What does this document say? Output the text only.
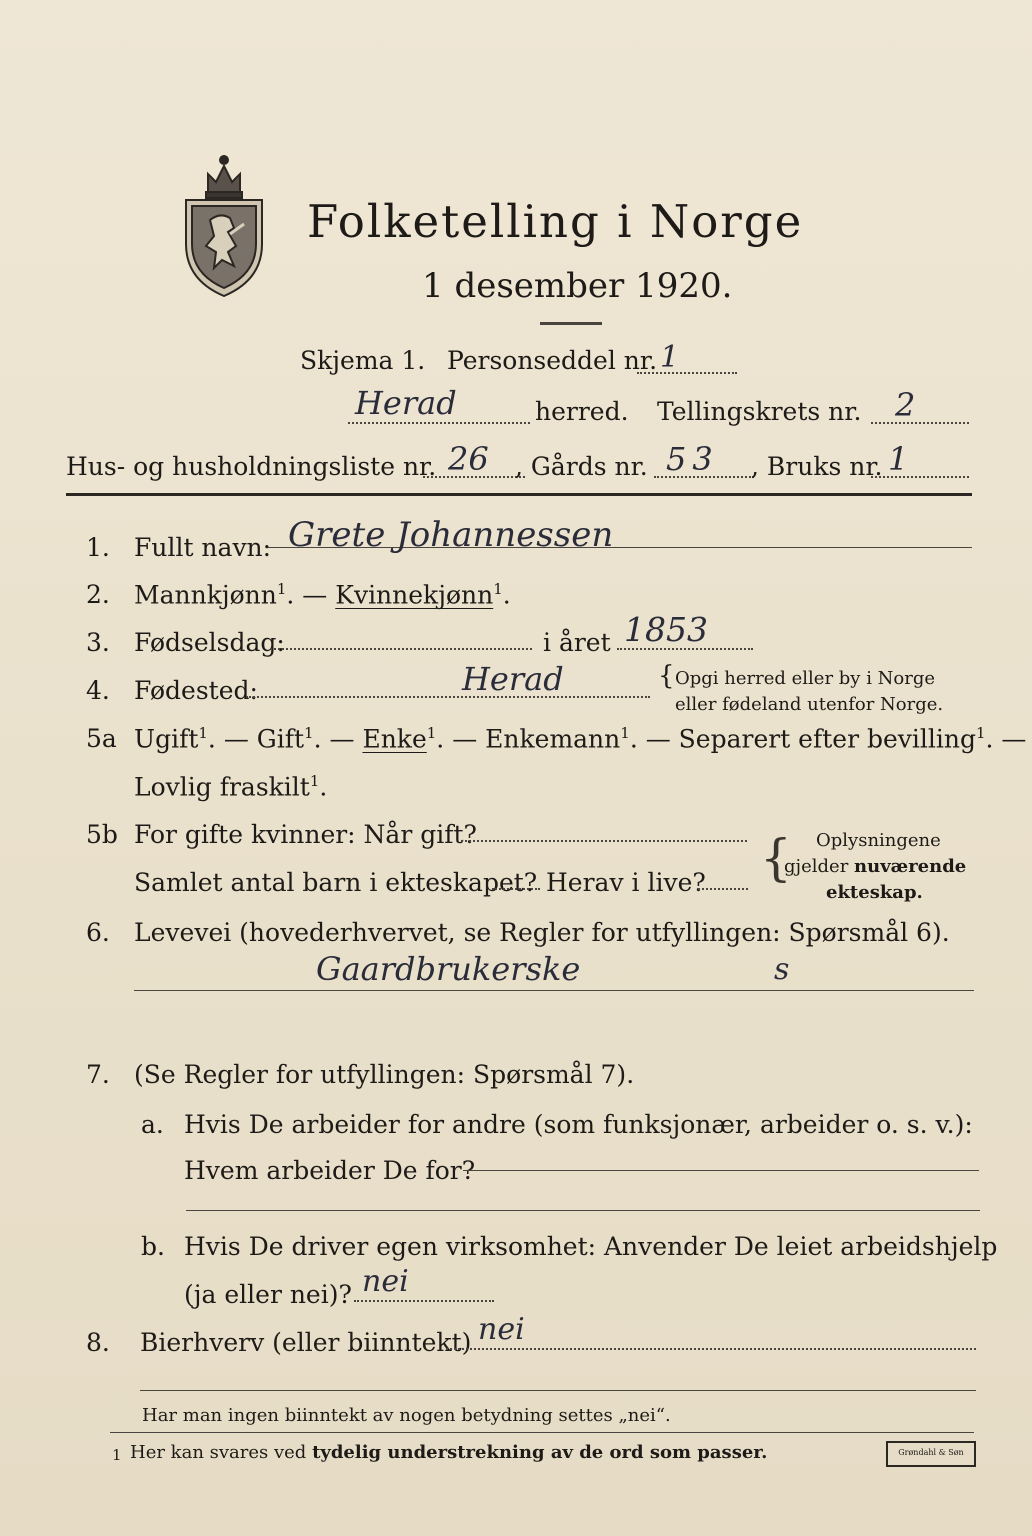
Folketelling i Norge
1 desember 1920.
Skjema 1. Personseddel nr. 1
Herad	herred. Tellingskrets nr. 2
Hus- og husholdningsliste nr. 26 , Gårds nr. 53 , Bruks nr. 1
1. Fullt navn: Grete Johannessen
2. Mannkjønn$^1$. — Kvinnekjønn$^1$.
3. Fødselsdag:	i året 1853
4. Fødested:	Herad	{ Opgi herred eller by i Norge
eller fødeland utenfor Norge.
5a Ugift$^1$. — Gift$^1$. — Enke$^1$. — Enkemann$^1$. — Separert efter bevilling$^1$. —
Lovlig fraskilt$^1$.
5b For gifte kvinner: Når gift?
Samlet antal barn i ekteskapet? Herav i live? { Oplysningene
gjelder nuværende
ekteskap.
6. Levevei (hovederhvervet, se Regler for utfyllingen: Spørsmål 6).
Gaardbrukerske	s
7. (Se Regler for utfyllingen: Spørsmål 7).
a. Hvis De arbeider for andre (som funksjonær, arbeider o. s. v.):
Hvem arbeider De for?
b. Hvis De driver egen virksomhet: Anvender De leiet arbeidshjelp
(ja eller nei)? nei
8. Bierhverv (eller biinntekt) nei
Har man ingen biinntekt av nogen betydning settes „nei“.
1 Her kan svares ved tydelig understrekning av de ord som passer.	Grøndahl & Søn
